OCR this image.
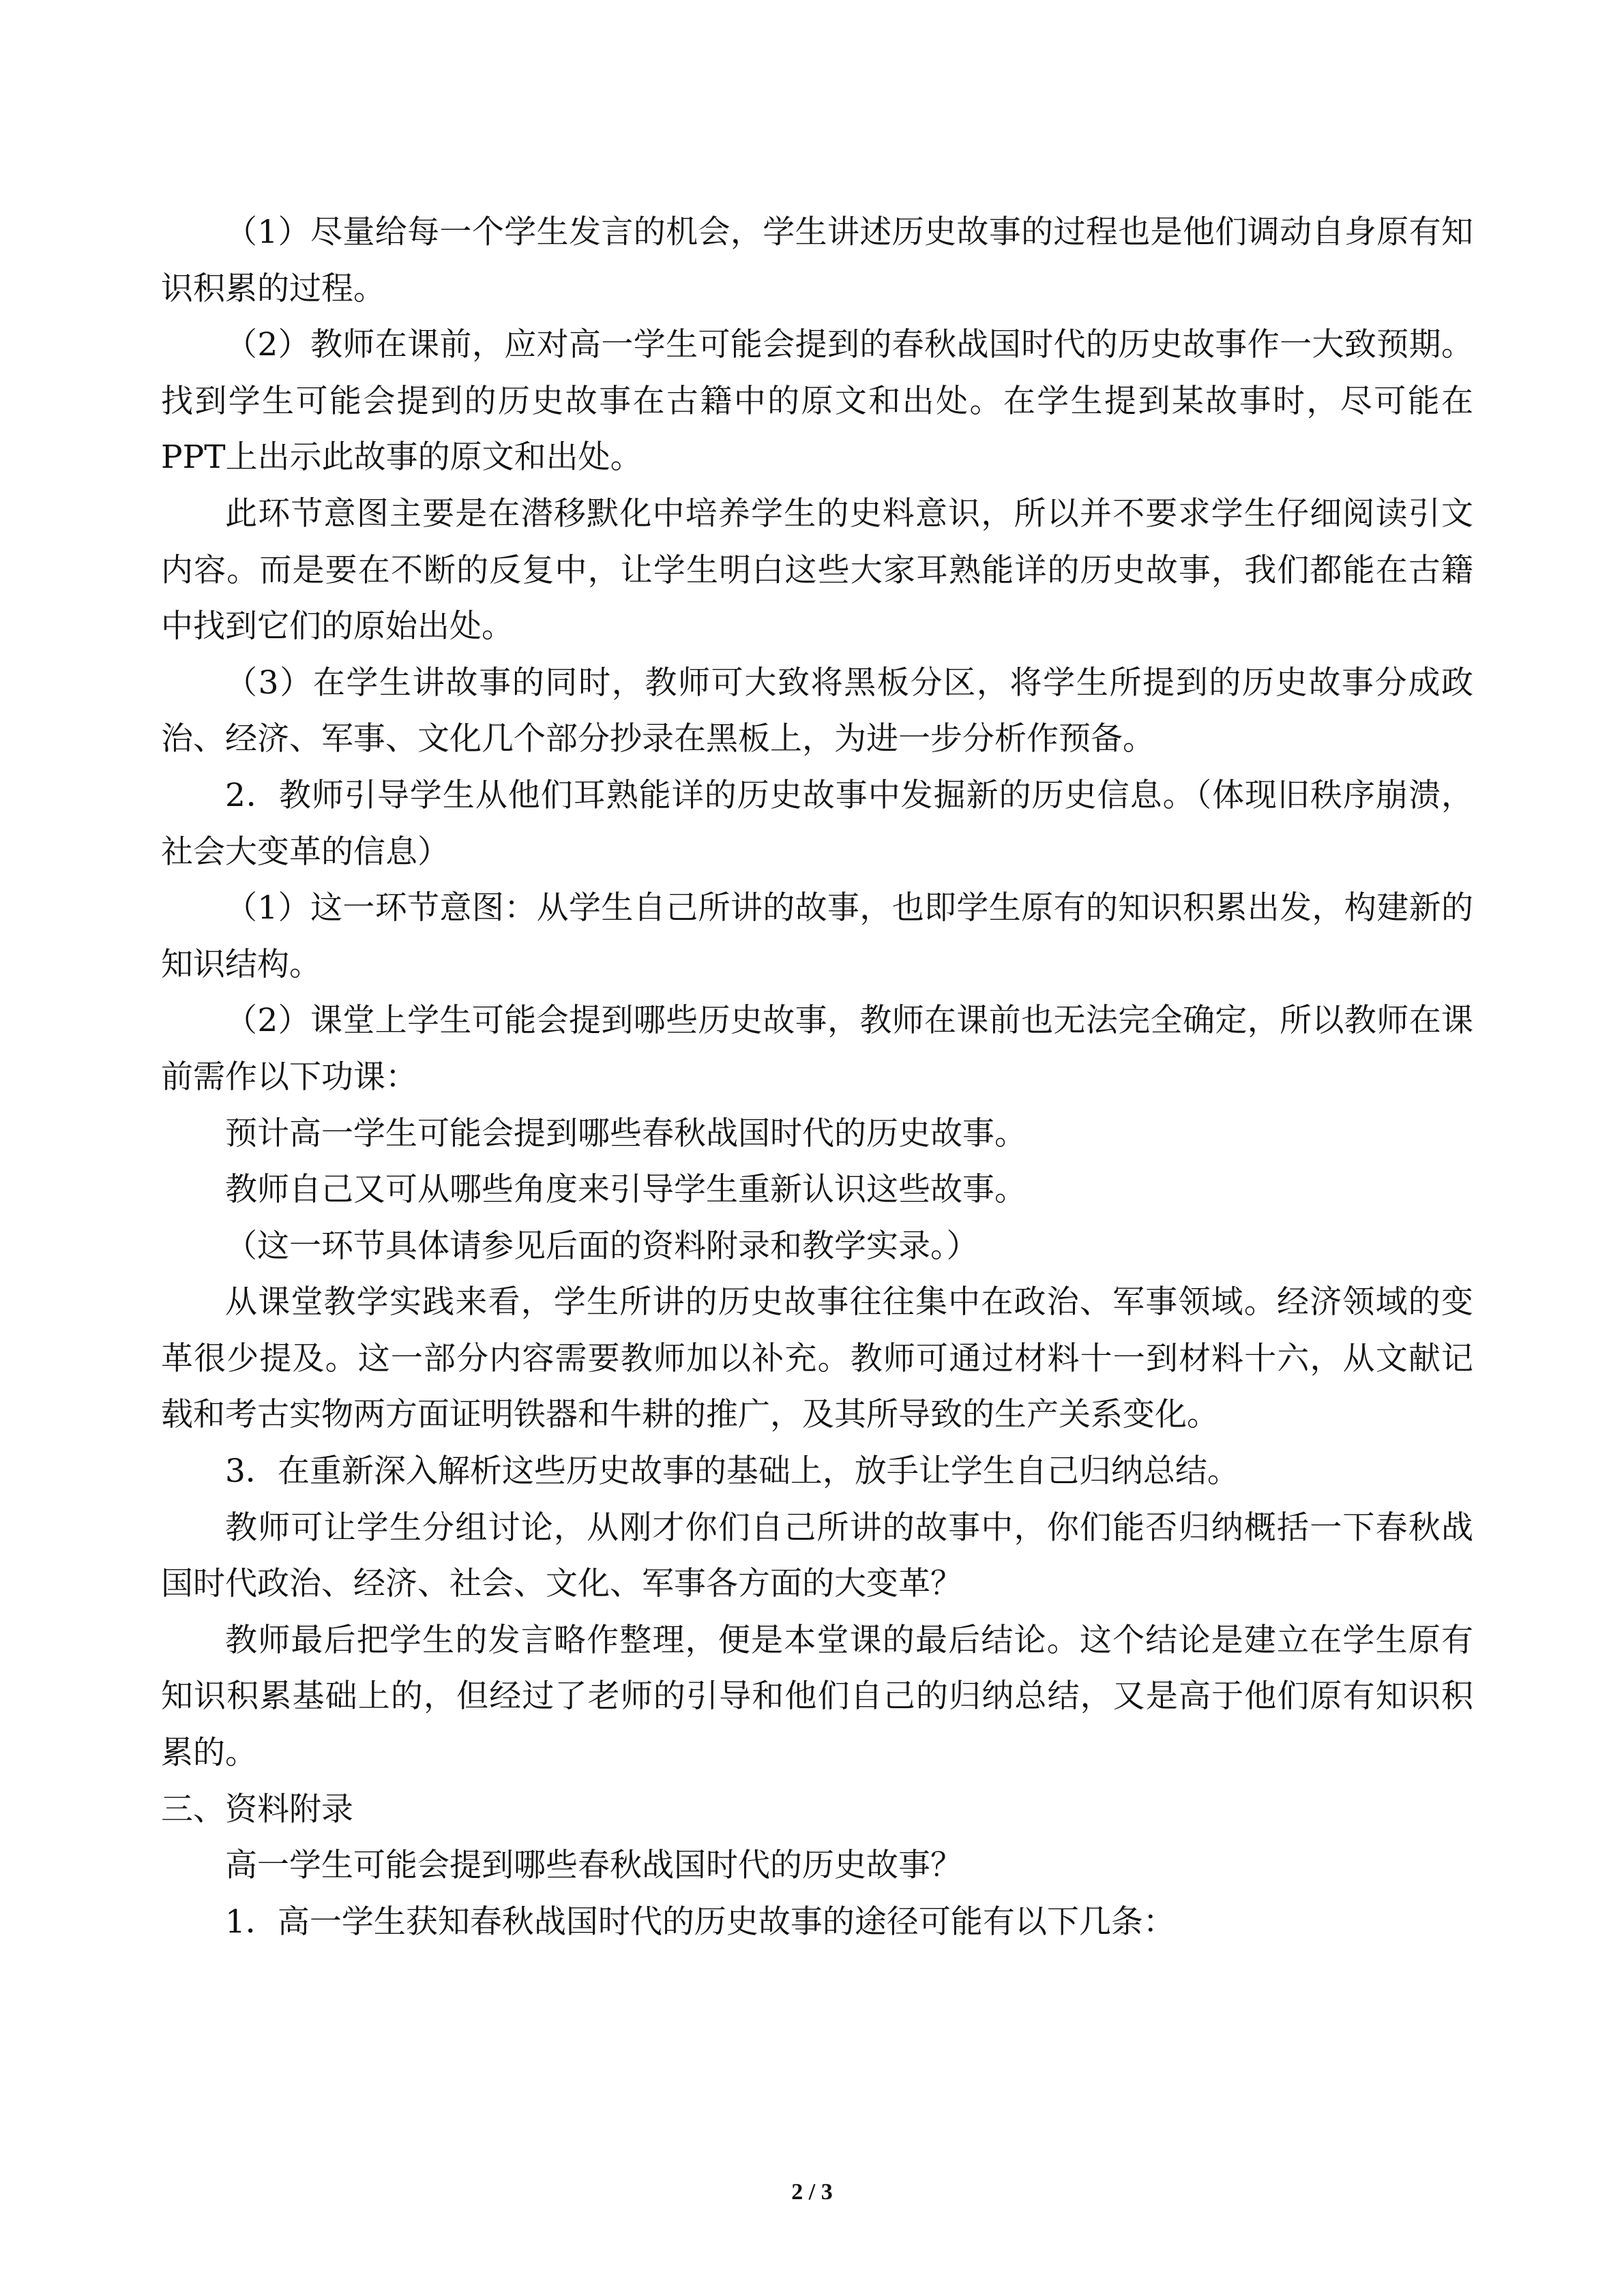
（1）尽量给每一个学生发言的机会，学生讲述历史故事的过程也是他们调动自身原有知识积累的过程。

（2）教师在课前，应对高一学生可能会提到的春秋战国时代的历史故事作一大致预期。找到学生可能会提到的历史故事在古籍中的原文和出处。在学生提到某故事时，尽可能在PPT上出示此故事的原文和出处。

此环节意图主要是在潜移默化中培养学生的史料意识，所以并不要求学生仔细阅读引文内容。而是要在不断的反复中，让学生明白这些大家耳熟能详的历史故事，我们都能在古籍中找到它们的原始出处。

（3）在学生讲故事的同时，教师可大致将黑板分区，将学生所提到的历史故事分成政治、经济、军事、文化几个部分抄录在黑板上，为进一步分析作预备。

2．教师引导学生从他们耳熟能详的历史故事中发掘新的历史信息。（体现旧秩序崩溃，社会大变革的信息）

（1）这一环节意图：从学生自己所讲的故事，也即学生原有的知识积累出发，构建新的知识结构。

（2）课堂上学生可能会提到哪些历史故事，教师在课前也无法完全确定，所以教师在课前需作以下功课：

预计高一学生可能会提到哪些春秋战国时代的历史故事。

教师自己又可从哪些角度来引导学生重新认识这些故事。

（这一环节具体请参见后面的资料附录和教学实录。）

从课堂教学实践来看，学生所讲的历史故事往往集中在政治、军事领域。经济领域的变革很少提及。这一部分内容需要教师加以补充。教师可通过材料十一到材料十六，从文献记载和考古实物两方面证明铁器和牛耕的推广，及其所导致的生产关系变化。

3．在重新深入解析这些历史故事的基础上，放手让学生自己归纳总结。

教师可让学生分组讨论，从刚才你们自己所讲的故事中，你们能否归纳概括一下春秋战国时代政治、经济、社会、文化、军事各方面的大变革？

教师最后把学生的发言略作整理，便是本堂课的最后结论。这个结论是建立在学生原有知识积累基础上的，但经过了老师的引导和他们自己的归纳总结，又是高于他们原有知识积累的。

三、资料附录

高一学生可能会提到哪些春秋战国时代的历史故事？

1．高一学生获知春秋战国时代的历史故事的途径可能有以下几条：

2 / 3
